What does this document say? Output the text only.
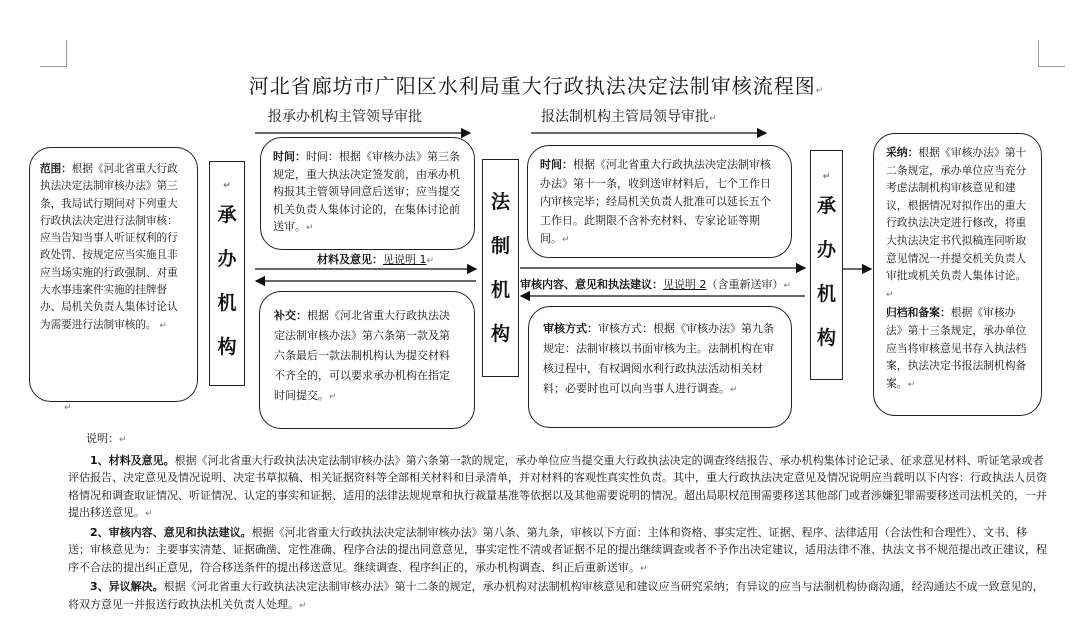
河北省廊坊市广阳区水利局重大行政执法决定法制审核流程图↵
报承办机构主管领导审批	报法制机构主管局领导审批↵
范围：根据《河北省重大行政执法决定法制审核办法》第三条，我局试行期间对下列重大行政执法决定进行法制审核：应当告知当事人听证权利的行政处罚、按规定应当实施且非应当场实施的行政强制、对重大水事违案件实施的挂牌督办、局机关负责人集体讨论认为需要进行法制审核的。 ↵
↵
承
办
机
构
时间：时间：根据《审核办法》第三条规定，重大执法决定签发前，由承办机构报其主管领导同意后送审；应当提交机关负责人集体讨论的，在集体讨论前送审。↵
材料及意见：见说明 1↵
补交：根据《河北省重大行政执法决定法制审核办法》第六条第一款及第六条最后一款法制机构认为提交材料不齐全的，可以要求承办机构在指定时间提交。↵
法
制
机
构
时间：根据《河北省重大行政执法决定法制审核办法》第十一条，收到送审材料后，七个工作日内审核完毕；经局机关负责人批准可以延长五个工作日。此期限不含补充材料、专家论证等期间。↵
审核内容、意见和执法建议：见说明 2（含重新送审）↵
审核方式：审核方式：根据《审核办法》第九条规定：法制审核以书面审核为主。法制机构在审核过程中，有权调阅水利行政执法活动相关材料；必要时也可以向当事人进行调查。↵
↵
承
办
机
构
采纳：根据《审核办法》第十二条规定，承办单位应当充分考虑法制机构审核意见和建议，根据情况对拟作出的重大行政执法决定进行修改，将重大执法决定书代拟稿连同听取意见情况一并提交机关负责人审批或机关负责人集体讨论。↵
归档和备案：根据《审核办法》第十三条规定，承办单位应当将审核意见书存入执法档案，执法决定书报法制机构备案。↵
↵
说明：↵

1、材料及意见。根据《河北省重大行政执法决定法制审核办法》第六条第一款的规定，承办单位应当提交重大行政执法决定的调查终结报告、承办机构集体讨论记录、征求意见材料、听证笔录或者评估报告、决定意见及情况说明、决定书草拟稿、相关证据资料等全部相关材料和目录清单，并对材料的客观性真实性负责。其中，重大行政执法决定意见及情况说明应当载明以下内容：行政执法人员资格情况和调查取证情况、听证情况、认定的事实和证据、适用的法律法规规章和执行裁量基准等依据以及其他需要说明的情况。超出局职权范围需要移送其他部门或者涉嫌犯罪需要移送司法机关的，一并提出移送意见。↵

2、审核内容、意见和执法建议。根据《河北省重大行政执法决定法制审核办法》第八条、第九条，审核以下方面：主体和资格、事实定性、证据、程序、法律适用（合法性和合理性）、文书、移送；审核意见为：主要事实清楚、证据确凿、定性准确、程序合法的提出同意意见，事实定性不清或者证据不足的提出继续调查或者不予作出决定建议，适用法律不准、执法文书不规范提出改正建议，程序不合法的提出纠正意见，符合移送条件的提出移送意见。继续调查、程序纠正的，承办机构调查、纠正后重新送审。↵

3、异议解决。根据《河北省重大行政执法决定法制审核办法》第十二条的规定，承办机构对法制机构审核意见和建议应当研究采纳；有异议的应当与法制机构协商沟通，经沟通达不成一致意见的，将双方意见一并报送行政执法机关负责人处理。↵
